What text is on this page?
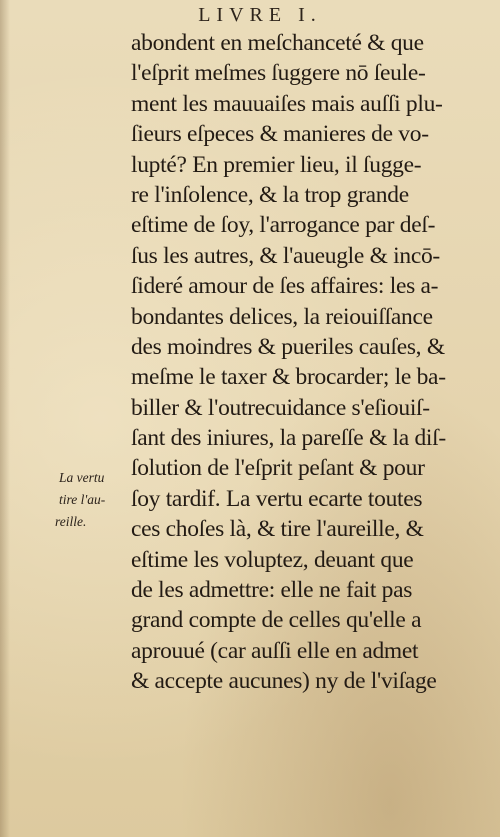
LIVRE I.
abondent en meſchanceté & que
l'eſprit meſmes ſuggere nō ſeule-
ment les mauuaiſes mais auſſi plu-
ſieurs eſpeces & manieres de vo-
lupté? En premier lieu, il ſugge-
re l'inſolence, & la trop grande
eſtime de ſoy, l'arrogance par deſ-
ſus les autres, & l'aueugle & incō-
ſideré amour de ſes affaires: les a-
bondantes delices, la reiouiſſance
des moindres & pueriles cauſes, &
meſme le taxer & brocarder; le ba-
biller & l'outrecuidance s'eſiouiſ-
ſant des iniures, la pareſſe & la diſ-
ſolution de l'eſprit peſant & pour
ſoy tardif. La vertu ecarte toutes
ces choſes là, & tire l'aureille, &
eſtime les voluptez, deuant que
de les admettre: elle ne fait pas
grand compte de celles qu'elle a
aprouué (car auſſi elle en admet
& accepte aucunes) ny de l'viſage
La vertu
tire l'au-
reille.
